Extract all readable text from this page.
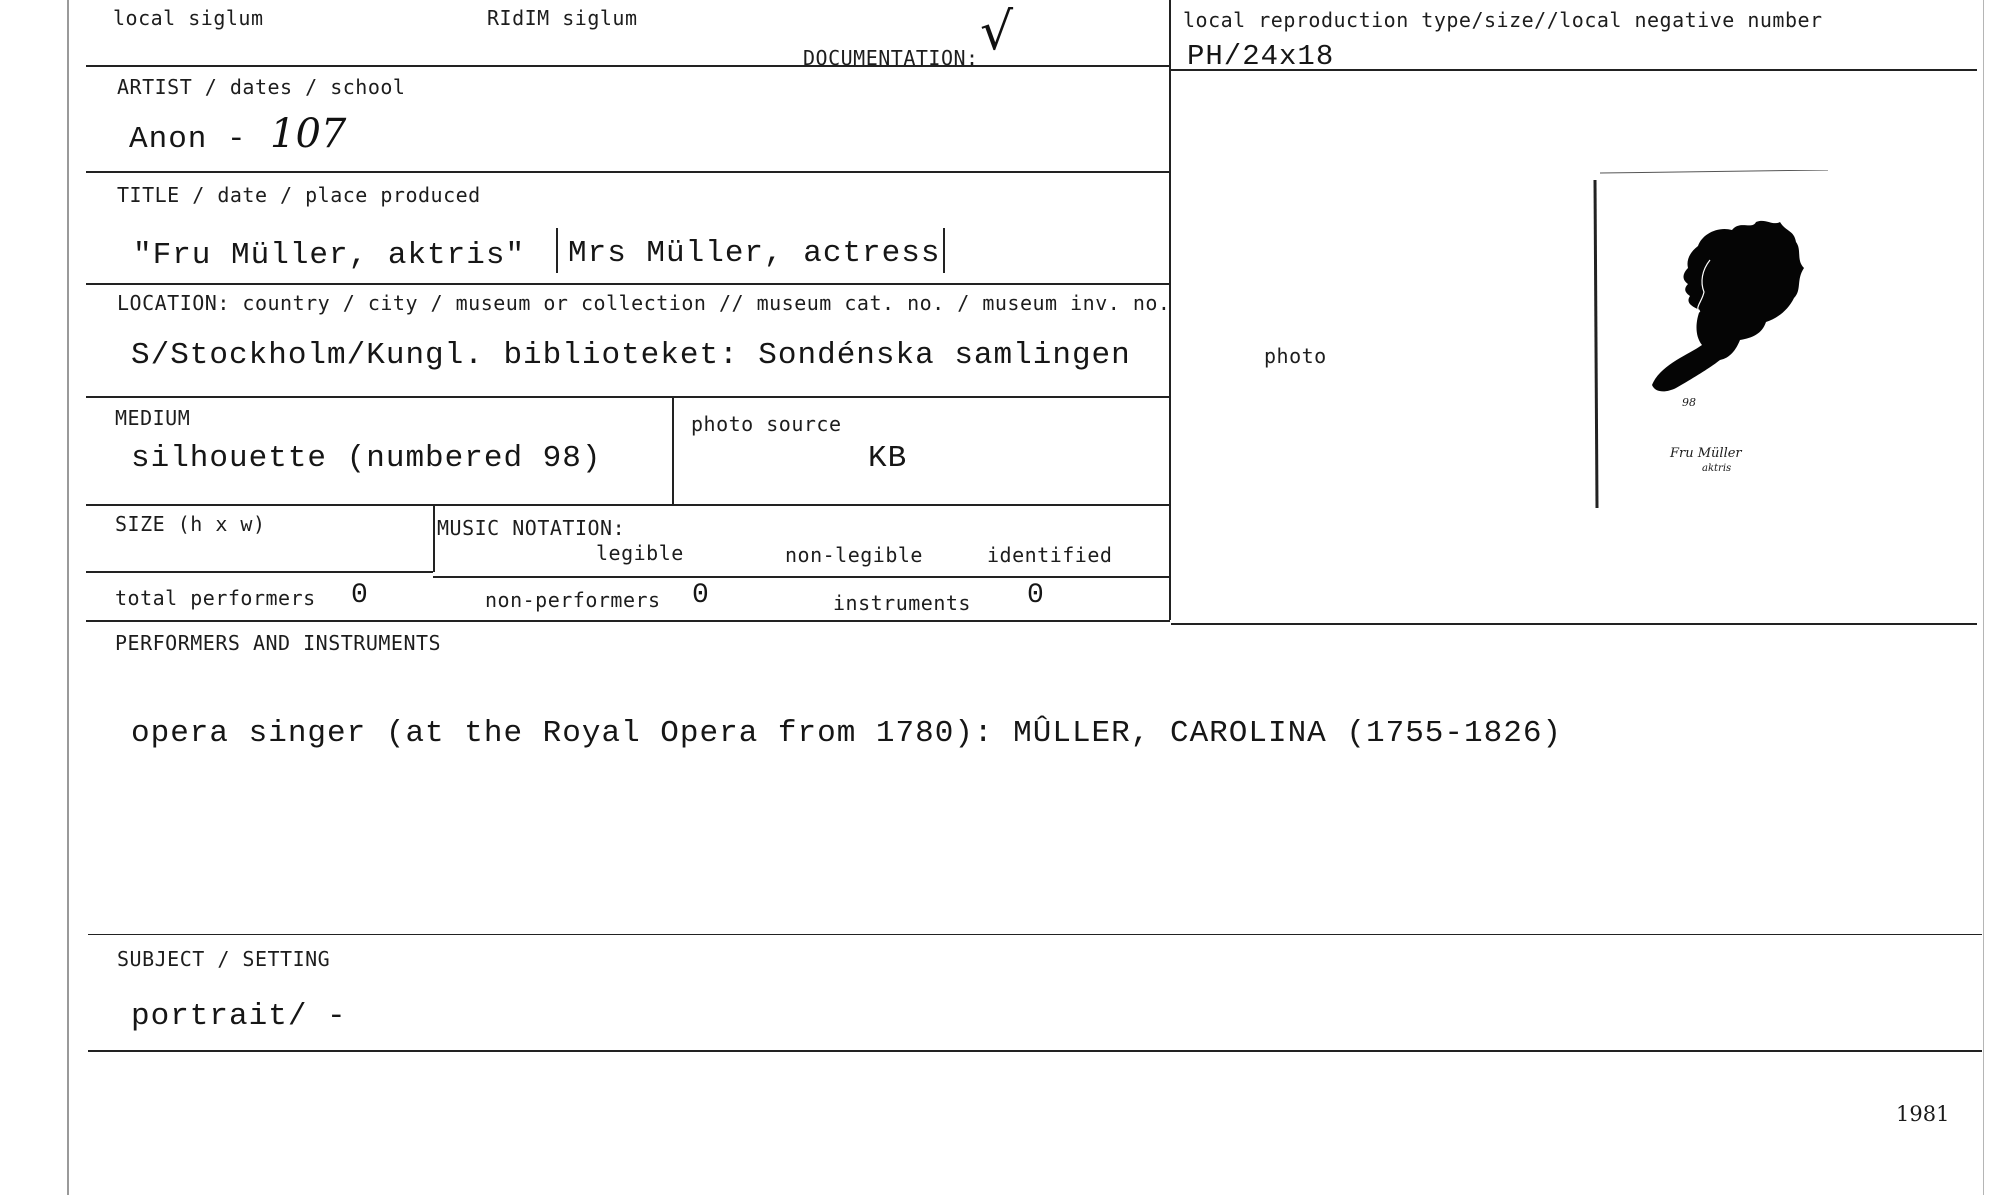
local siglum	RIdIM siglum
DOCUMENTATION: √	local reproduction type/size//local negative number
PH/24x18
ARTIST / dates / school
Anon - 107
TITLE / date / place produced
"Fru Müller, aktris"	Mrs Müller, actress
LOCATION: country / city / museum or collection // museum cat. no. / museum inv. no.
S/Stockholm/Kungl. biblioteket: Sondénska samlingen
MEDIUM
silhouette (numbered 98)
photo source
KB
SIZE (h x w)	MUSIC NOTATION:
legible	non-legible	identified
total performers 0	non-performers 0	instruments 0
photo
98
Fru Müller
aktris
PERFORMERS AND INSTRUMENTS
opera singer (at the Royal Opera from 1780): MÛLLER, CAROLINA (1755-1826)
SUBJECT / SETTING
portrait/ -
1981
